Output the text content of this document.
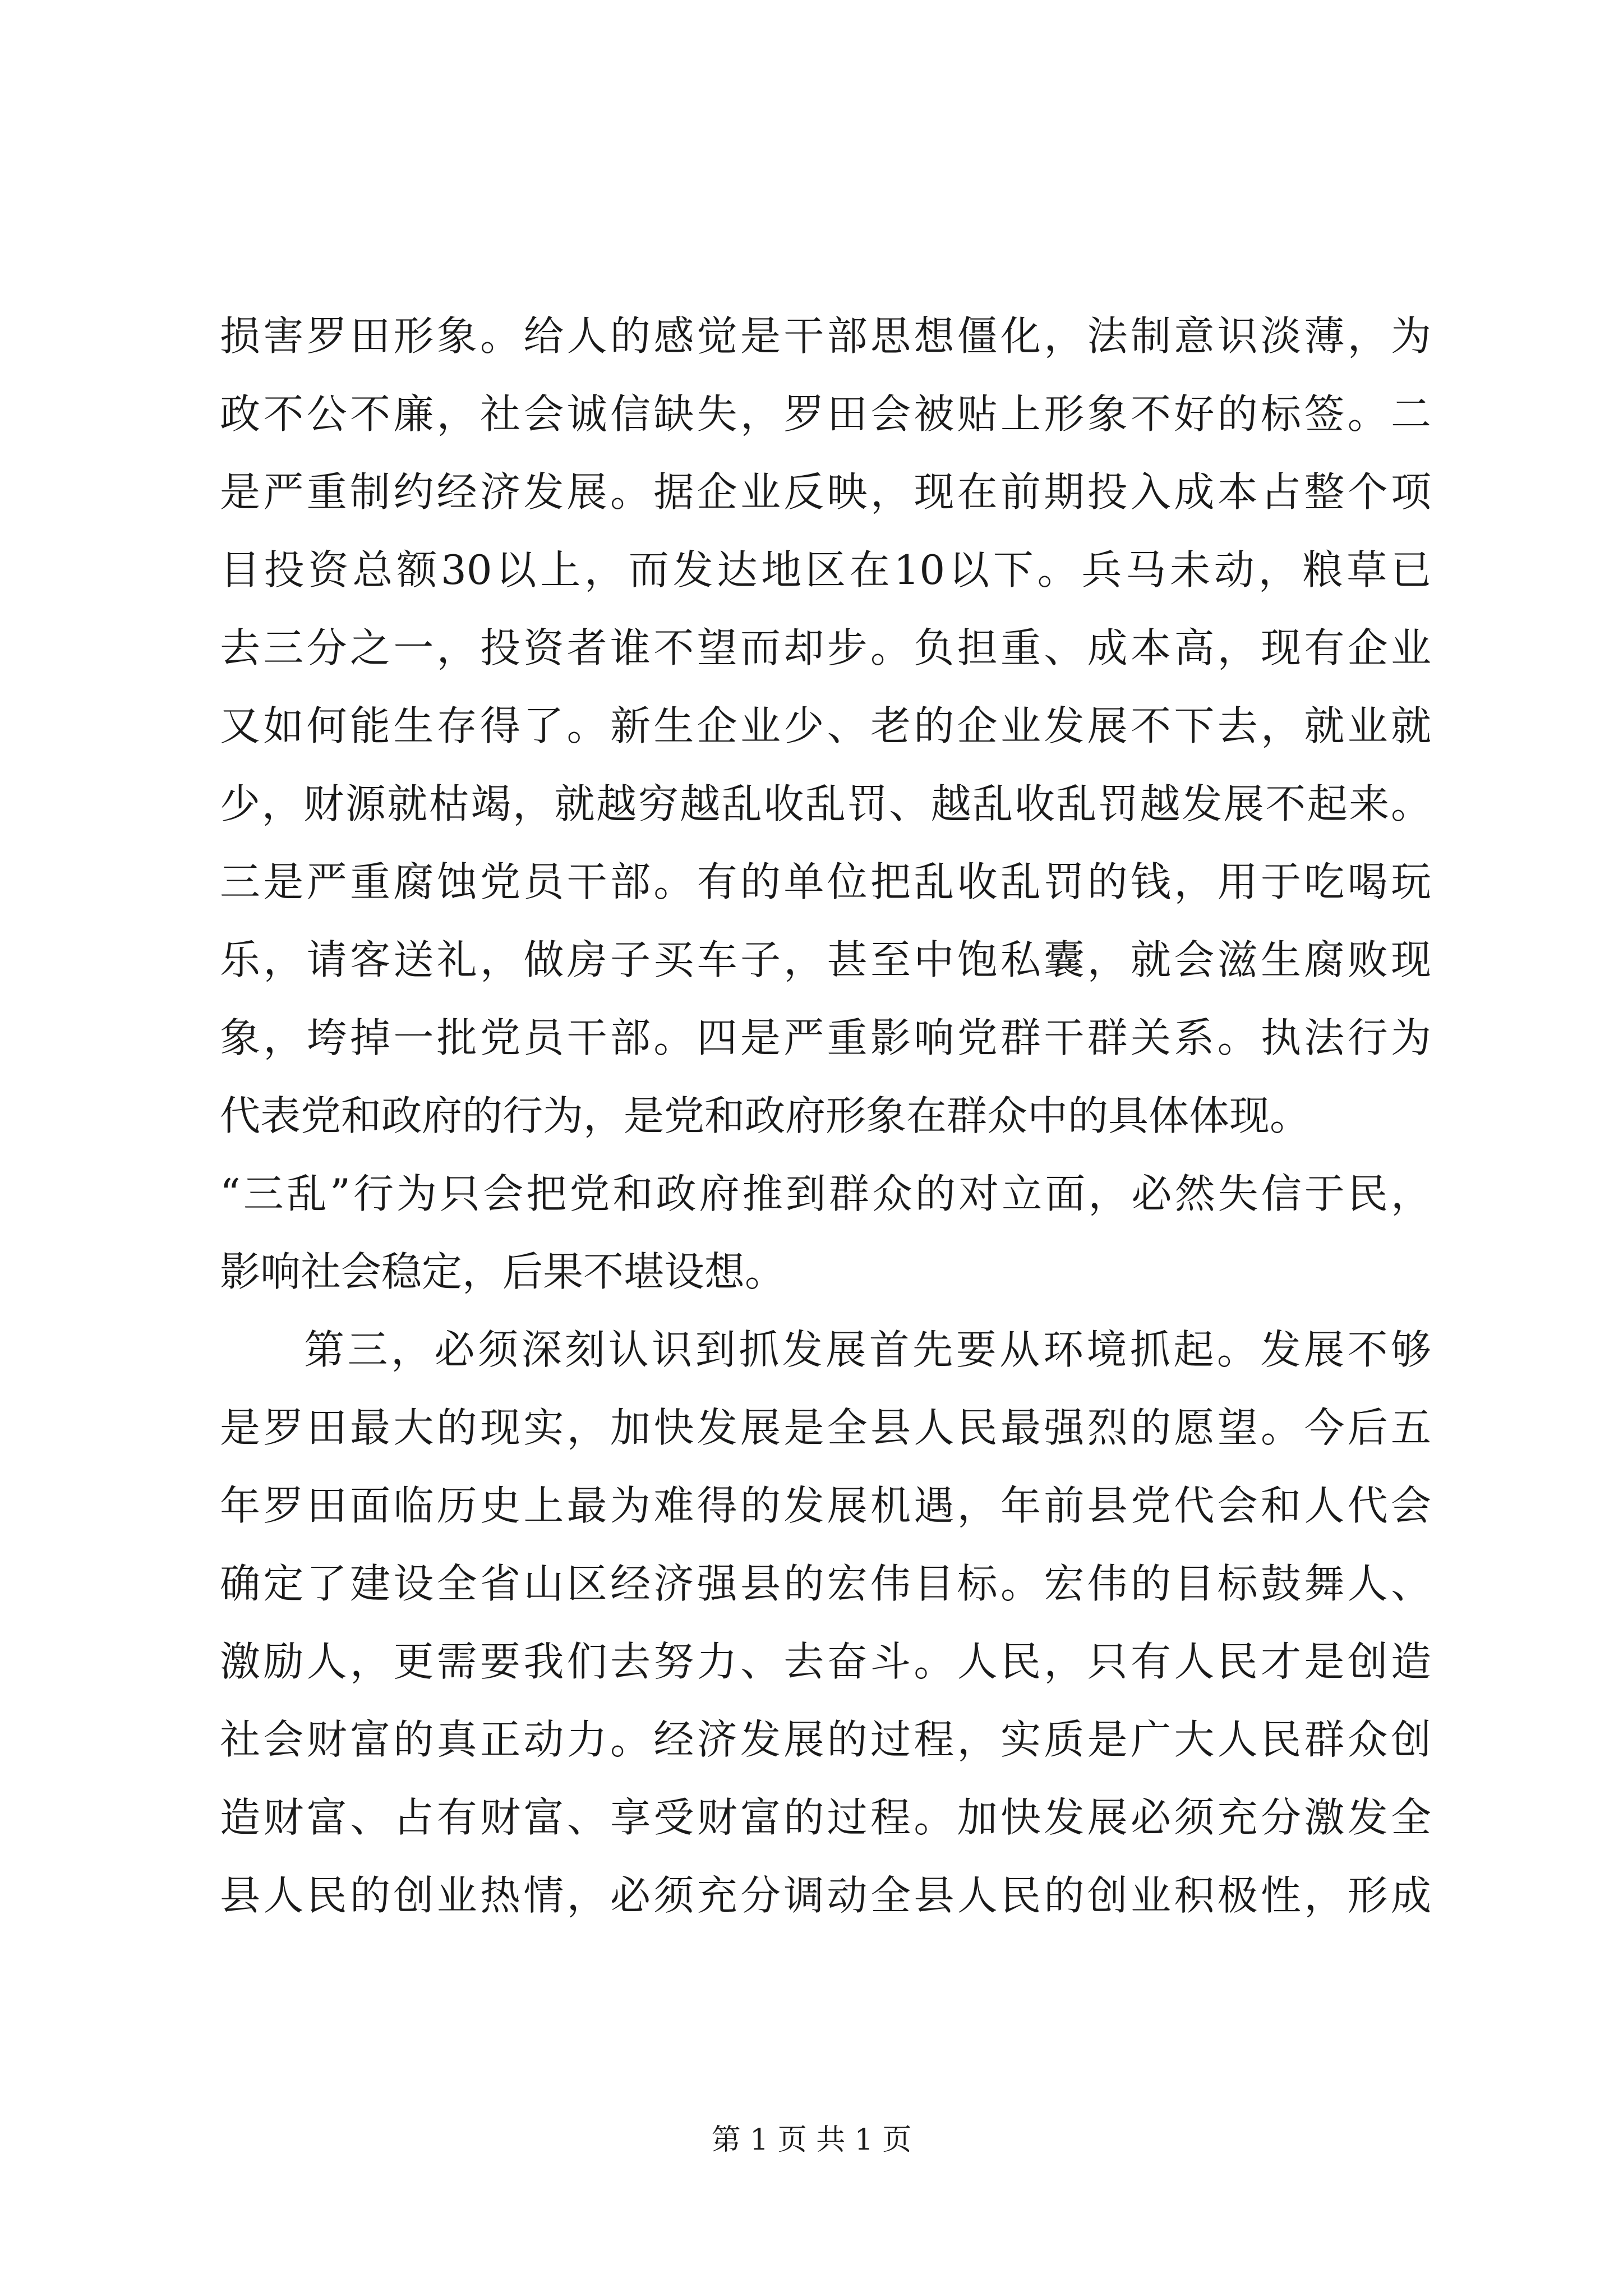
损害罗田形象。给人的感觉是干部思想僵化，法制意识淡薄，为
政不公不廉，社会诚信缺失，罗田会被贴上形象不好的标签。二
是严重制约经济发展。据企业反映，现在前期投入成本占整个项
目投资总额30以上，而发达地区在10以下。兵马未动，粮草已
去三分之一，投资者谁不望而却步。负担重、成本高，现有企业
又如何能生存得了。新生企业少、老的企业发展不下去，就业就
少，财源就枯竭，就越穷越乱收乱罚、越乱收乱罚越发展不起来。
三是严重腐蚀党员干部。有的单位把乱收乱罚的钱，用于吃喝玩
乐，请客送礼，做房子买车子，甚至中饱私囊，就会滋生腐败现
象，垮掉一批党员干部。四是严重影响党群干群关系。执法行为
代表党和政府的行为，是党和政府形象在群众中的具体体现。
“三乱”行为只会把党和政府推到群众的对立面，必然失信于民，
影响社会稳定，后果不堪设想。
第三，必须深刻认识到抓发展首先要从环境抓起。发展不够
是罗田最大的现实，加快发展是全县人民最强烈的愿望。今后五
年罗田面临历史上最为难得的发展机遇，年前县党代会和人代会
确定了建设全省山区经济强县的宏伟目标。宏伟的目标鼓舞人、
激励人，更需要我们去努力、去奋斗。人民，只有人民才是创造
社会财富的真正动力。经济发展的过程，实质是广大人民群众创
造财富、占有财富、享受财富的过程。加快发展必须充分激发全
县人民的创业热情，必须充分调动全县人民的创业积极性，形成
第 1 页 共 1 页
